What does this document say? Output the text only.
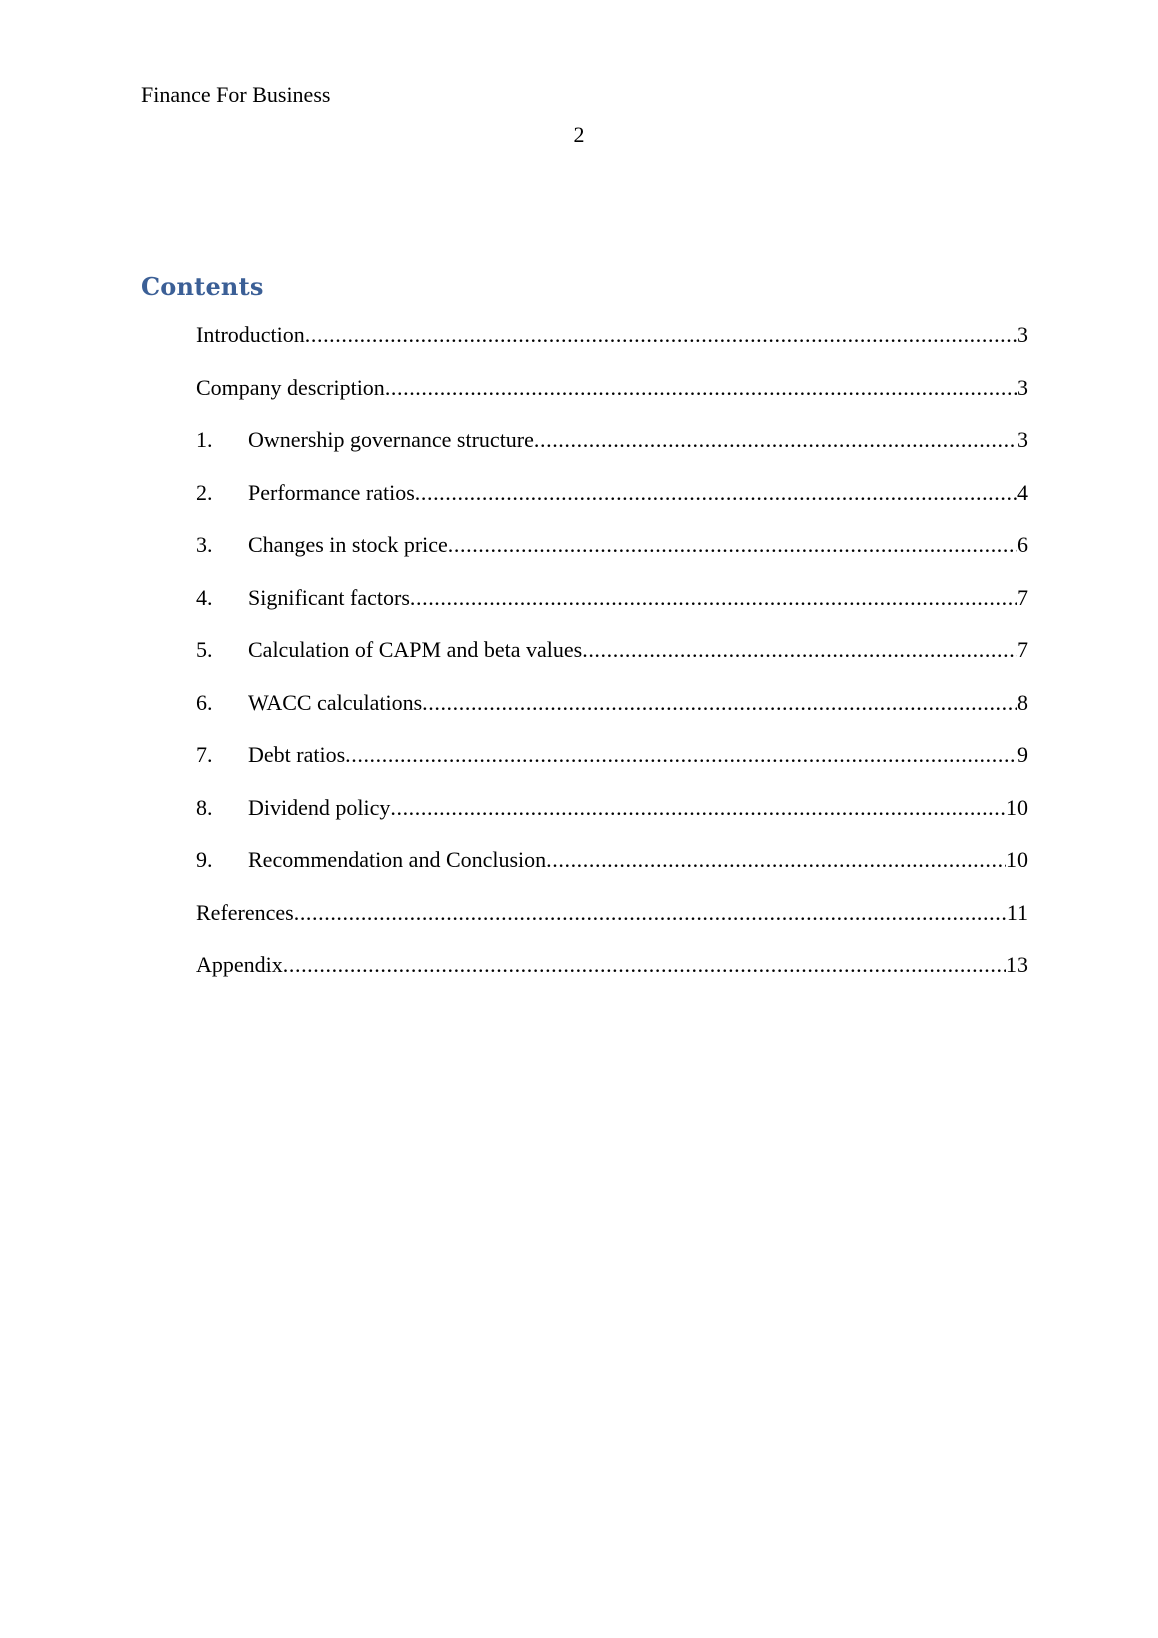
Finance For Business
2
Contents
Introduction .....	3
Company description .....	3
1.	Ownership governance structure .....	3
2.	Performance ratios .....	4
3.	Changes in stock price .....	6
4.	Significant factors .....	7
5.	Calculation of CAPM and beta values .....	7
6.	WACC calculations .....	8
7.	Debt ratios .....	9
8.	Dividend policy .....	10
9.	Recommendation and Conclusion .....	10
References .....	11
Appendix .....	13
